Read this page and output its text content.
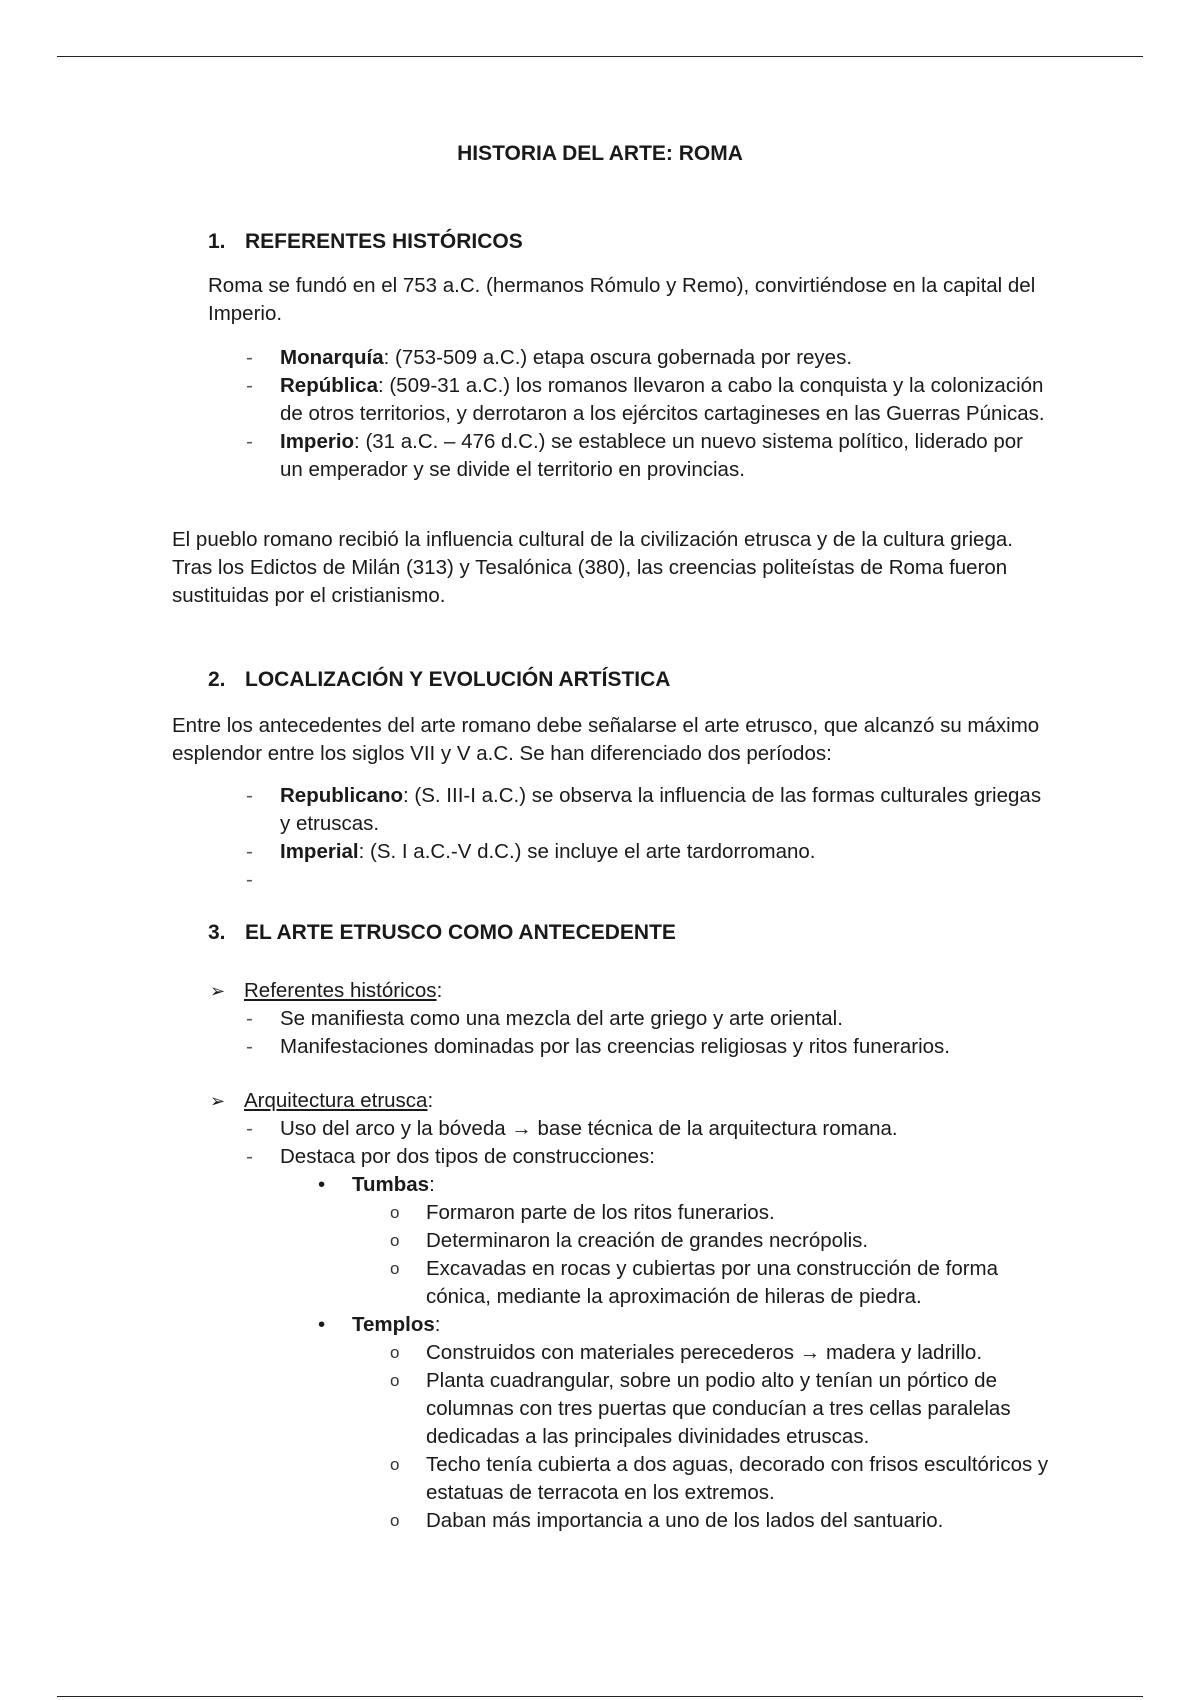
HISTORIA DEL ARTE: ROMA
1. REFERENTES HISTÓRICOS

Roma se fundó en el 753 a.C. (hermanos Rómulo y Remo), convirtiéndose en la capital del Imperio.

- Monarquía: (753-509 a.C.) etapa oscura gobernada por reyes.
- República: (509-31 a.C.) los romanos llevaron a cabo la conquista y la colonización de otros territorios, y derrotaron a los ejércitos cartagineses en las Guerras Púnicas.
- Imperio: (31 a.C. – 476 d.C.) se establece un nuevo sistema político, liderado por un emperador y se divide el territorio en provincias.

El pueblo romano recibió la influencia cultural de la civilización etrusca y de la cultura griega. Tras los Edictos de Milán (313) y Tesalónica (380), las creencias politeístas de Roma fueron sustituidas por el cristianismo.

2. LOCALIZACIÓN Y EVOLUCIÓN ARTÍSTICA

Entre los antecedentes del arte romano debe señalarse el arte etrusco, que alcanzó su máximo esplendor entre los siglos VII y V a.C. Se han diferenciado dos períodos:

- Republicano: (S. III-I a.C.) se observa la influencia de las formas culturales griegas y etruscas.
- Imperial: (S. I a.C.-V d.C.) se incluye el arte tardorromano.
-
3. EL ARTE ETRUSCO COMO ANTECEDENTE
➢ Referentes históricos:
- Se manifiesta como una mezcla del arte griego y arte oriental.
- Manifestaciones dominadas por las creencias religiosas y ritos funerarios.
➢ Arquitectura etrusca:
- Uso del arco y la bóveda → base técnica de la arquitectura romana.
- Destaca por dos tipos de construcciones:
• Tumbas:
o Formaron parte de los ritos funerarios.
o Determinaron la creación de grandes necrópolis.
o Excavadas en rocas y cubiertas por una construcción de forma cónica, mediante la aproximación de hileras de piedra.
• Templos:
o Construidos con materiales perecederos → madera y ladrillo.
o Planta cuadrangular, sobre un podio alto y tenían un pórtico de columnas con tres puertas que conducían a tres cellas paralelas dedicadas a las principales divinidades etruscas.
o Techo tenía cubierta a dos aguas, decorado con frisos escultóricos y estatuas de terracota en los extremos.
o Daban más importancia a uno de los lados del santuario.
